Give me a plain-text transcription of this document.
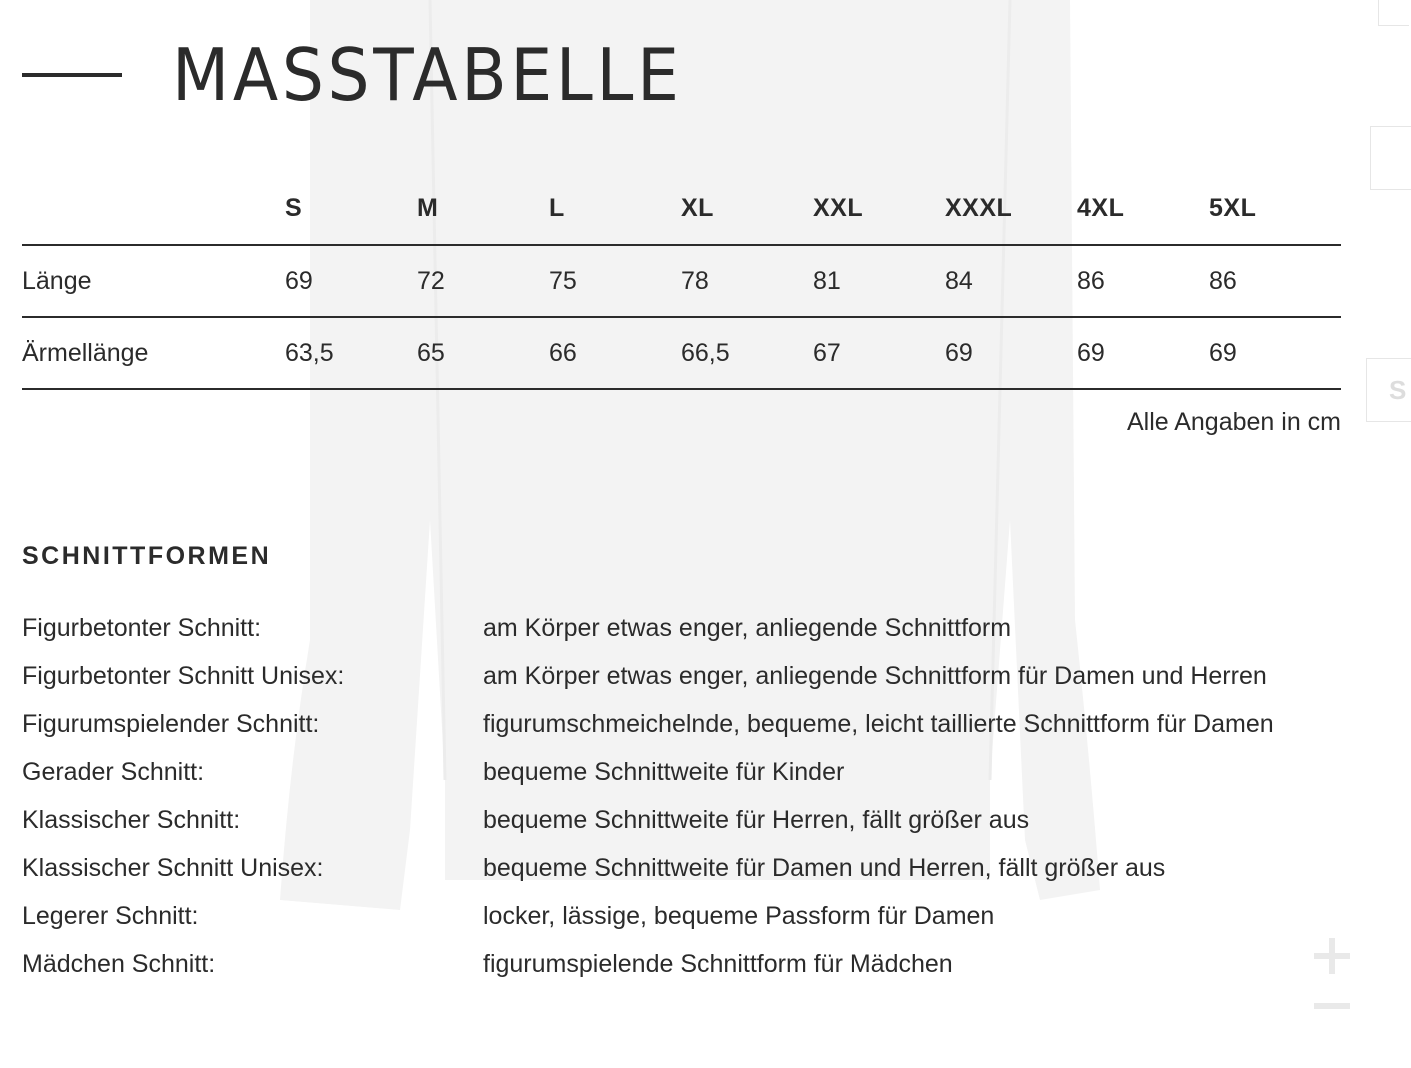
MASSTABELLE
	S	M	L	XL	XXL	XXXL	4XL	5XL
Länge	69	72	75	78	81	84	86	86
Ärmellänge	63,5	65	66	66,5	67	69	69	69

Alle Angaben in cm

SCHNITTFORMEN
Figurbetonter Schnitt:	am Körper etwas enger, anliegende Schnittform
Figurbetonter Schnitt Unisex:	am Körper etwas enger, anliegende Schnittform für Damen und Herren
Figurumspielender Schnitt:	figurumschmeichelnde, bequeme, leicht taillierte Schnittform für Damen
Gerader Schnitt:	bequeme Schnittweite für Kinder
Klassischer Schnitt:	bequeme Schnittweite für Herren, fällt größer aus
Klassischer Schnitt Unisex:	bequeme Schnittweite für Damen und Herren, fällt größer aus
Legerer Schnitt:	locker, lässige, bequeme Passform für Damen
Mädchen Schnitt:	figurumspielende Schnittform für Mädchen
S
